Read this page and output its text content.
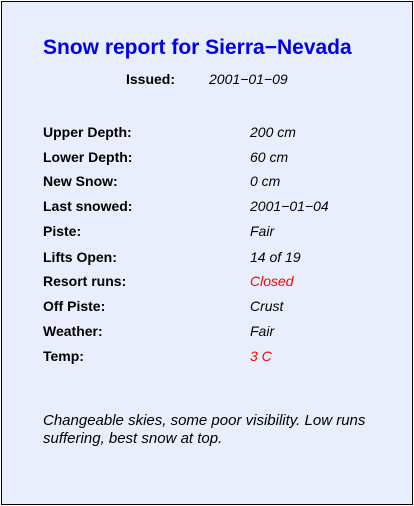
Snow report for Sierra−Nevada
Issued: 2001−01−09
Upper Depth:	200 cm
Lower Depth:	60 cm
New Snow:	0 cm
Last snowed:	2001−01−04
Piste:	Fair
Lifts Open:	14 of 19
Resort runs:	Closed
Off Piste:	Crust
Weather:	Fair
Temp:	3 C
Changeable skies, some poor visibility. Low runs suffering, best snow at top.
